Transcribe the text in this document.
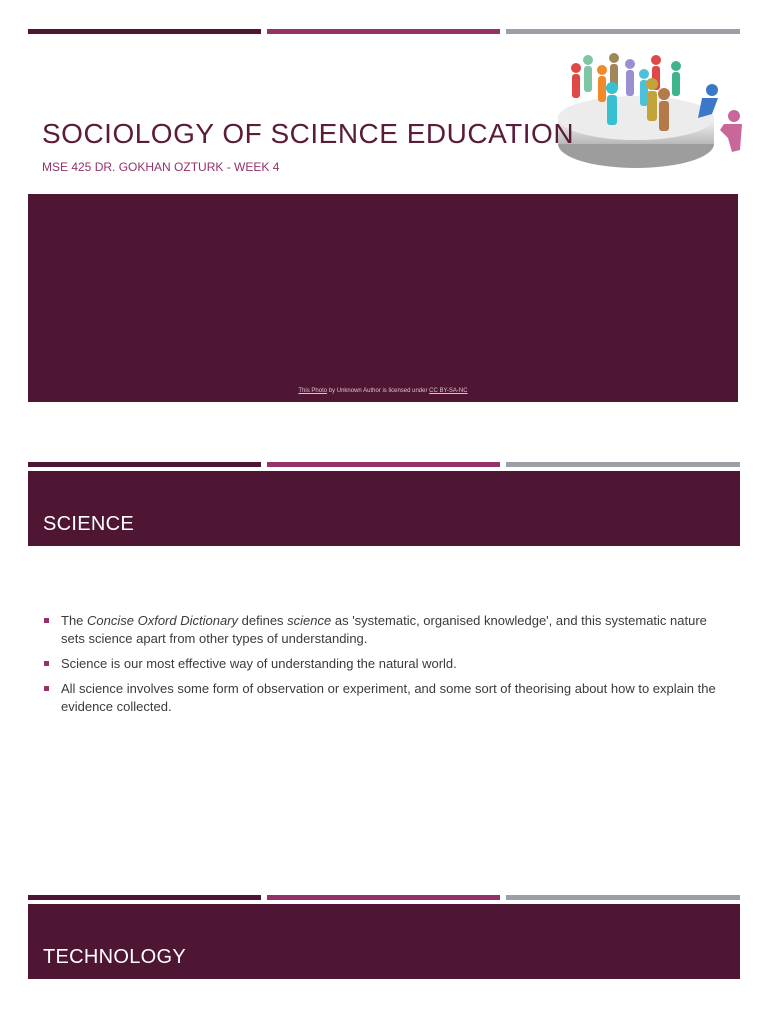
SOCIOLOGY OF SCIENCE EDUCATION
MSE 425 DR. GOKHAN OZTURK - WEEK 4
This Photo by Unknown Author is licensed under CC BY-SA-NC
SCIENCE
The Concise Oxford Dictionary defines science as 'systematic, organised knowledge', and this systematic nature sets science apart from other types of understanding.
Science is our most effective way of understanding the natural world.
All science involves some form of observation or experiment, and some sort of theorising about how to explain the evidence collected.
TECHNOLOGY
